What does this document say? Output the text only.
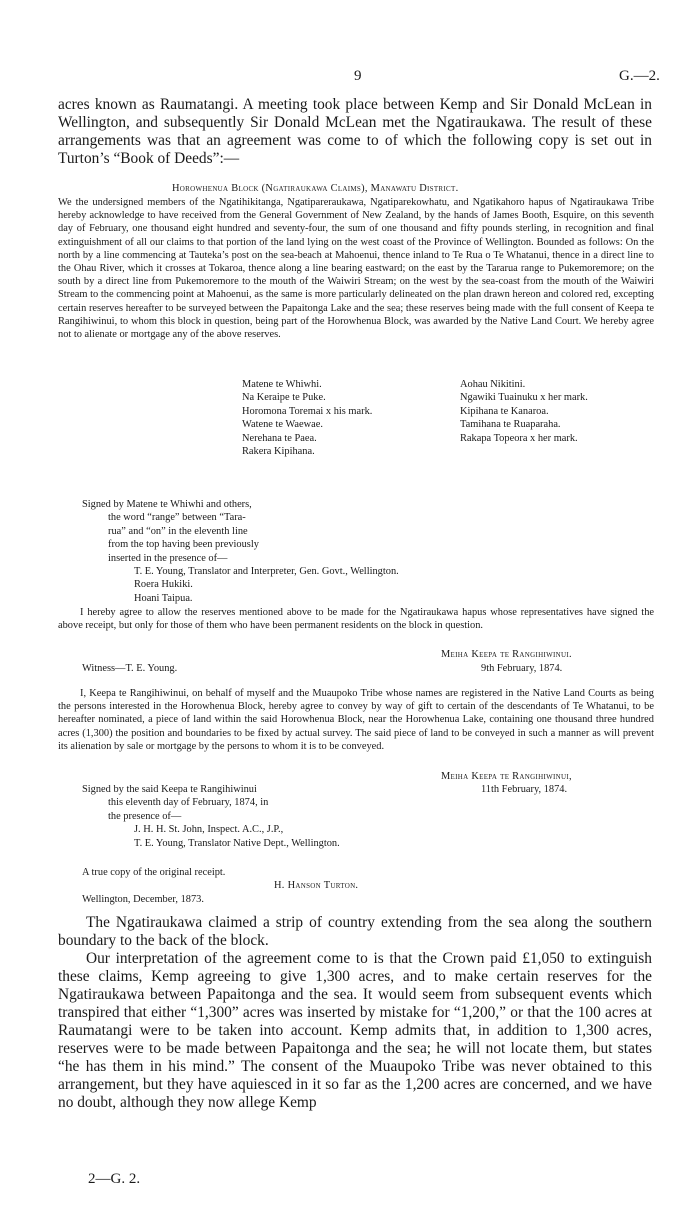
9	G.—2.

acres known as Raumatangi. A meeting took place between Kemp and Sir Donald McLean in Wellington, and subsequently Sir Donald McLean met the Ngatiraukawa. The result of these arrangements was that an agreement was come to of which the following copy is set out in Turton’s “Book of Deeds”:—

Horowhenua Block (Ngatiraukawa Claims), Manawatu District.

We the undersigned members of the Ngatihikitanga, Ngatipareraukawa, Ngatiparekowhatu, and Ngatikahoro hapus of Ngatiraukawa Tribe hereby acknowledge to have received from the General Government of New Zealand, by the hands of James Booth, Esquire, on this seventh day of February, one thousand eight hundred and seventy-four, the sum of one thousand and fifty pounds sterling, in recognition and final extinguishment of all our claims to that portion of the land lying on the west coast of the Province of Wellington. Bounded as follows: On the north by a line commencing at Tauteka’s post on the sea-beach at Mahoenui, thence inland to Te Rua o Te Whatanui, thence in a direct line to the Ohau River, which it crosses at Tokaroa, thence along a line bearing eastward; on the east by the Tararua range to Pukemoremore; on the south by a direct line from Pukemoremore to the mouth of the Waiwiri Stream; on the west by the sea-coast from the mouth of the Waiwiri Stream to the commencing point at Mahoenui, as the same is more particularly delineated on the plan drawn hereon and colored red, excepting certain reserves hereafter to be surveyed between the Papaitonga Lake and the sea; these reserves being made with the full consent of Keepa te Rangihiwinui, to whom this block in question, being part of the Horowhenua Block, was awarded by the Native Land Court. We hereby agree not to alienate or mortgage any of the above reserves.

Matene te Whiwhi.
Na Keraipe te Puke.
Horomona Toremai x his mark.
Watene te Waewae.
Nerehana te Paea.
Rakera Kipihana.
Aohau Nikitini.
Ngawiki Tuainuku x her mark.
Kipihana te Kanaroa.
Tamihana te Ruaparaha.
Rakapa Topeora x her mark.
Signed by Matene te Whiwhi and others,
the word “range” between “Tara-
rua” and “on” in the eleventh line
from the top having been previously
inserted in the presence of—
T. E. Young, Translator and Interpreter, Gen. Govt., Wellington.
Roera Hukiki.
Hoani Taipua.

I hereby agree to allow the reserves mentioned above to be made for the Ngatiraukawa hapus whose representatives have signed the above receipt, but only for those of them who have been permanent residents on the block in question.

Meiha Keepa te Rangihiwinui.
Witness—T. E. Young.	9th February, 1874.

I, Keepa te Rangihiwinui, on behalf of myself and the Muaupoko Tribe whose names are registered in the Native Land Courts as being the persons interested in the Horowhenua Block, hereby agree to convey by way of gift to certain of the descendants of Te Whatanui, to be hereafter nominated, a piece of land within the said Horowhenua Block, near the Horowhenua Lake, containing one thousand three hundred acres (1,300) the position and boundaries to be fixed by actual survey. The said piece of land to be conveyed in such a manner as will prevent its alienation by sale or mortgage by the persons to whom it is to be conveyed.

Meiha Keepa te Rangihiwinui,
11th February, 1874.
Signed by the said Keepa te Rangihiwinui
this eleventh day of February, 1874, in
the presence of—
J. H. H. St. John, Inspect. A.C., J.P.,
T. E. Young, Translator Native Dept., Wellington.
A true copy of the original receipt.
H. Hanson Turton.
Wellington, December, 1873.

The Ngatiraukawa claimed a strip of country extending from the sea along the southern boundary to the back of the block.

Our interpretation of the agreement come to is that the Crown paid £1,050 to extinguish these claims, Kemp agreeing to give 1,300 acres, and to make certain reserves for the Ngatiraukawa between Papaitonga and the sea. It would seem from subsequent events which transpired that either “1,300” acres was inserted by mistake for “1,200,” or that the 100 acres at Raumatangi were to be taken into account. Kemp admits that, in addition to 1,300 acres, reserves were to be made between Papaitonga and the sea; he will not locate them, but states “he has them in his mind.” The consent of the Muaupoko Tribe was never obtained to this arrangement, but they have aquiesced in it so far as the 1,200 acres are concerned, and we have no doubt, although they now allege Kemp

2—G. 2.
